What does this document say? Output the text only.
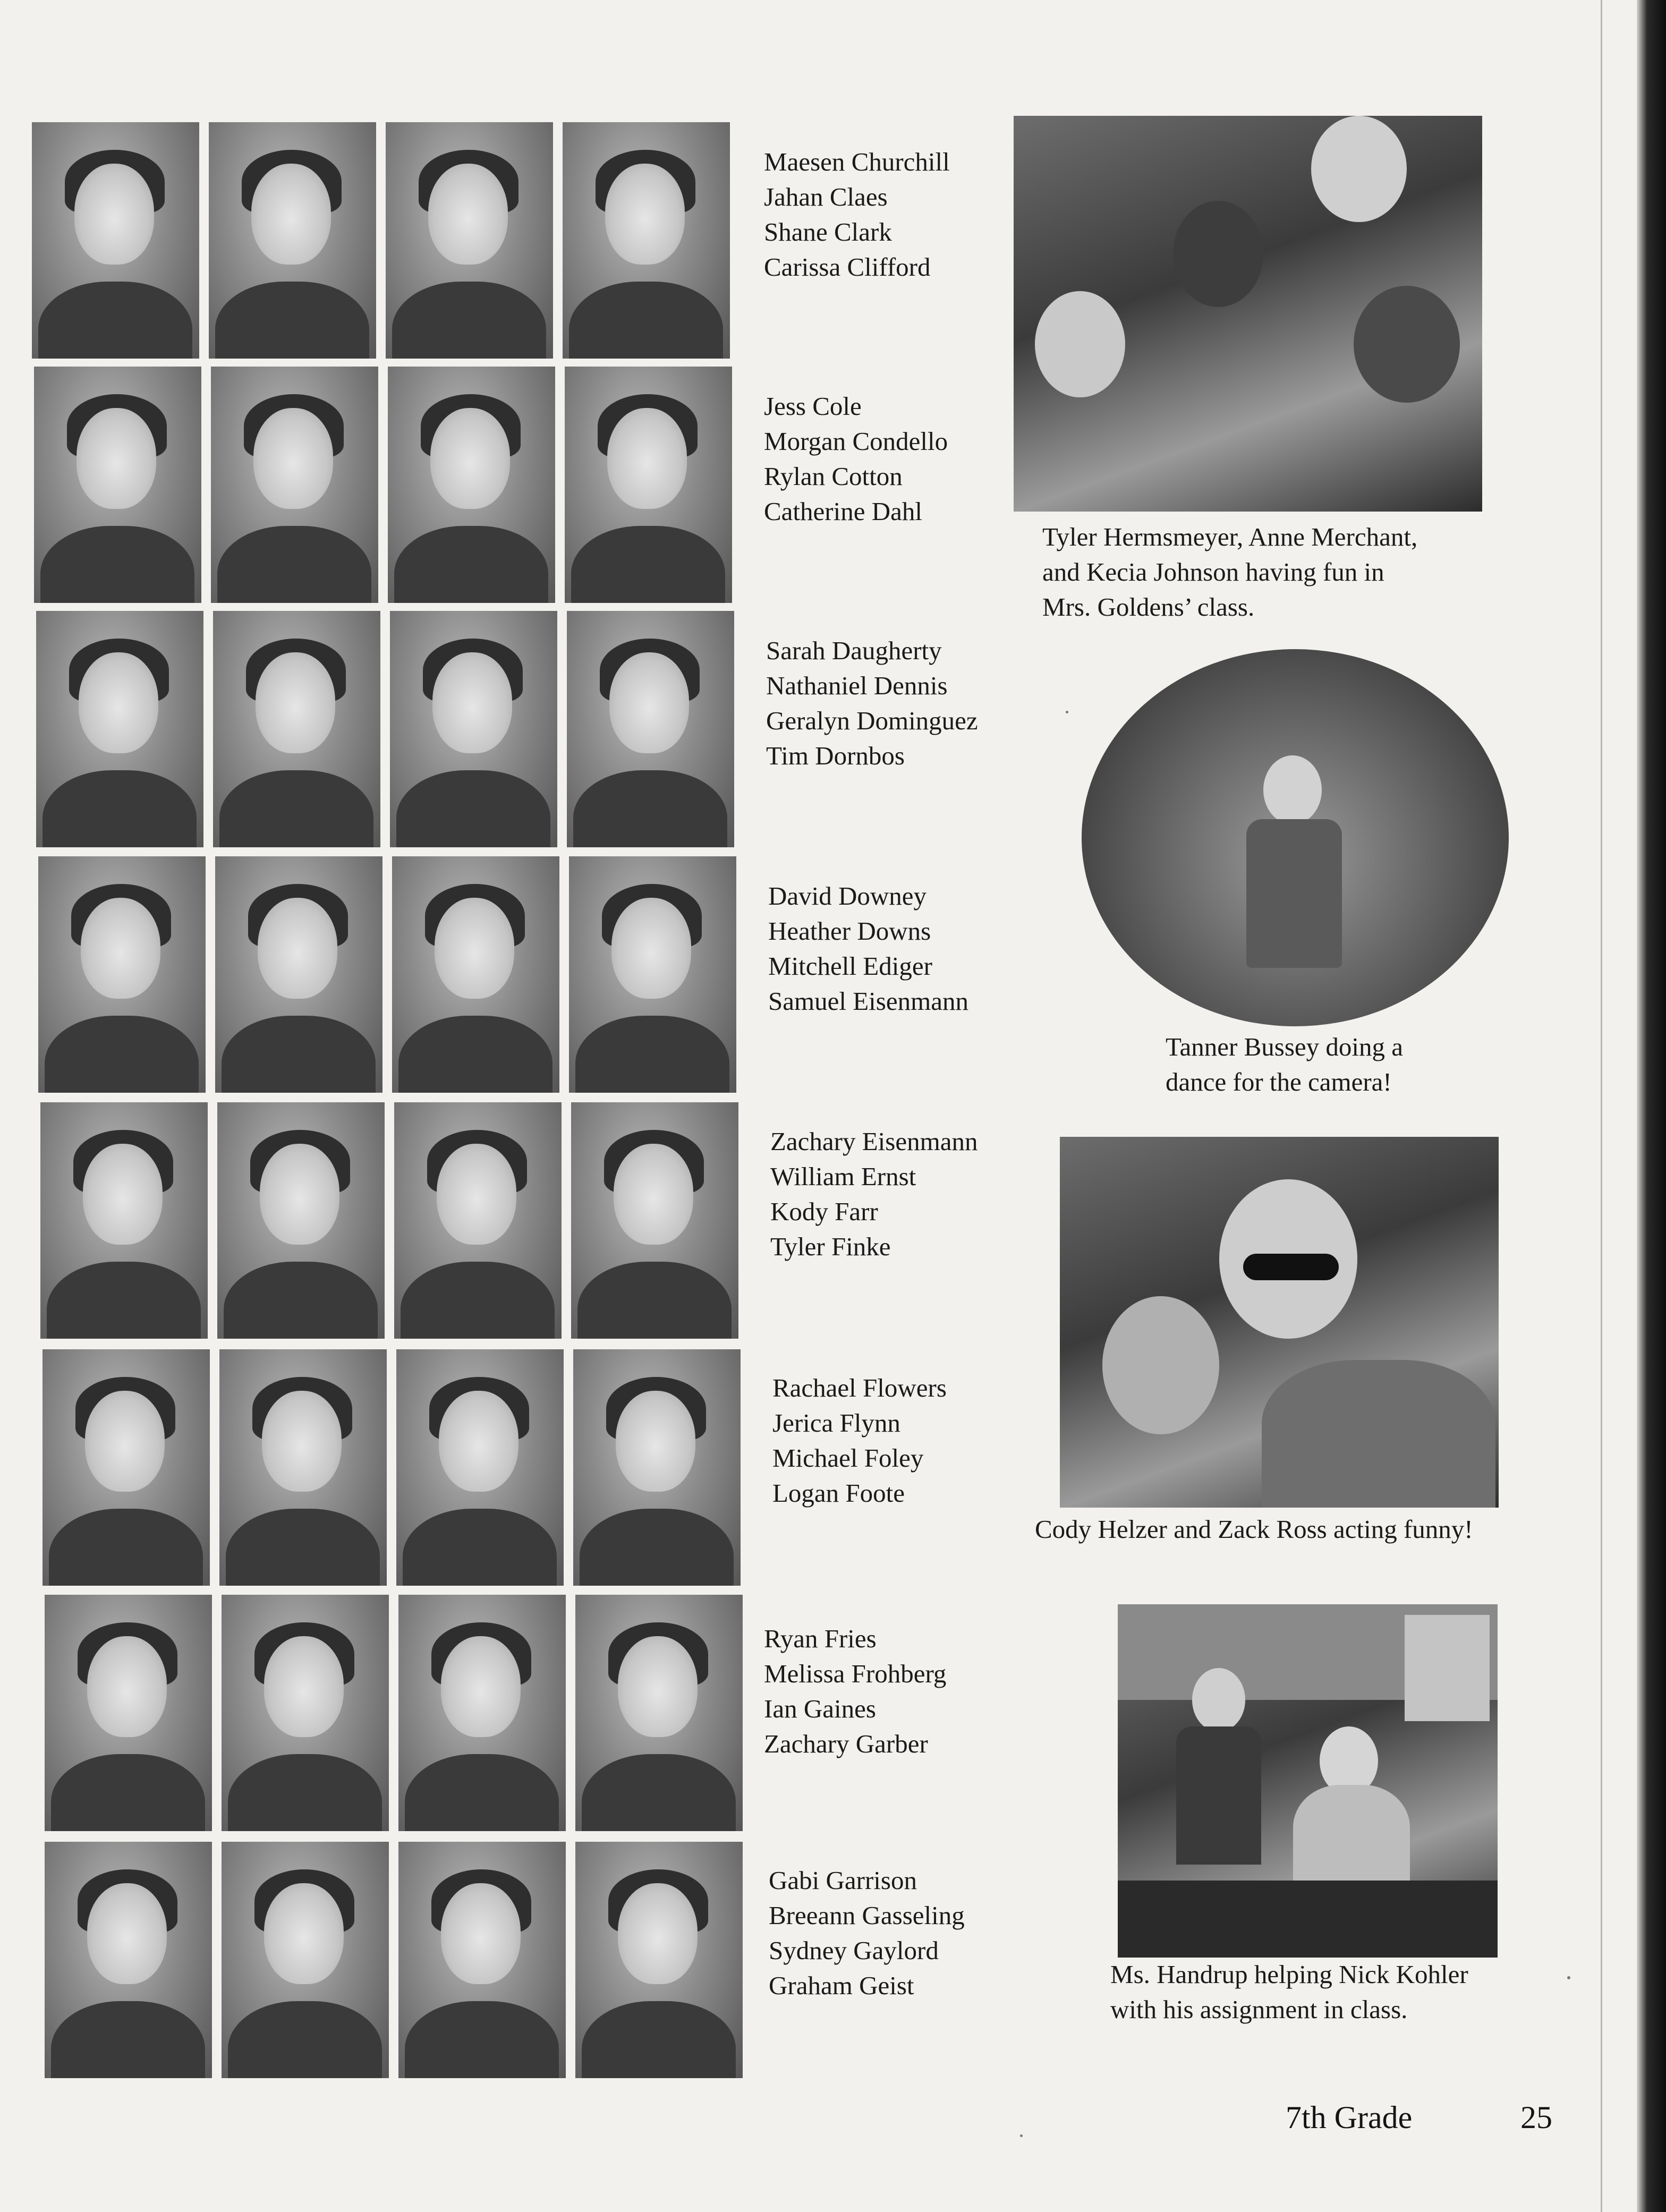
Maesen Churchill
Jahan Claes
Shane Clark
Carissa Clifford
Jess Cole
Morgan Condello
Rylan Cotton
Catherine Dahl
Sarah Daugherty
Nathaniel Dennis
Geralyn Dominguez
Tim Dornbos
David Downey
Heather Downs
Mitchell Ediger
Samuel Eisenmann
Zachary Eisenmann
William Ernst
Kody Farr
Tyler Finke
Rachael Flowers
Jerica Flynn
Michael Foley
Logan Foote
Ryan Fries
Melissa Frohberg
Ian Gaines
Zachary Garber
Gabi Garrison
Breeann Gasseling
Sydney Gaylord
Graham Geist
Tyler Hermsmeyer, Anne Merchant,
and Kecia Johnson having fun in
Mrs. Goldens’ class.
Tanner Bussey doing a
dance for the camera!
Cody Helzer and Zack Ross acting funny!
Ms. Handrup helping Nick Kohler
with his assignment in class.
7th Grade	25
